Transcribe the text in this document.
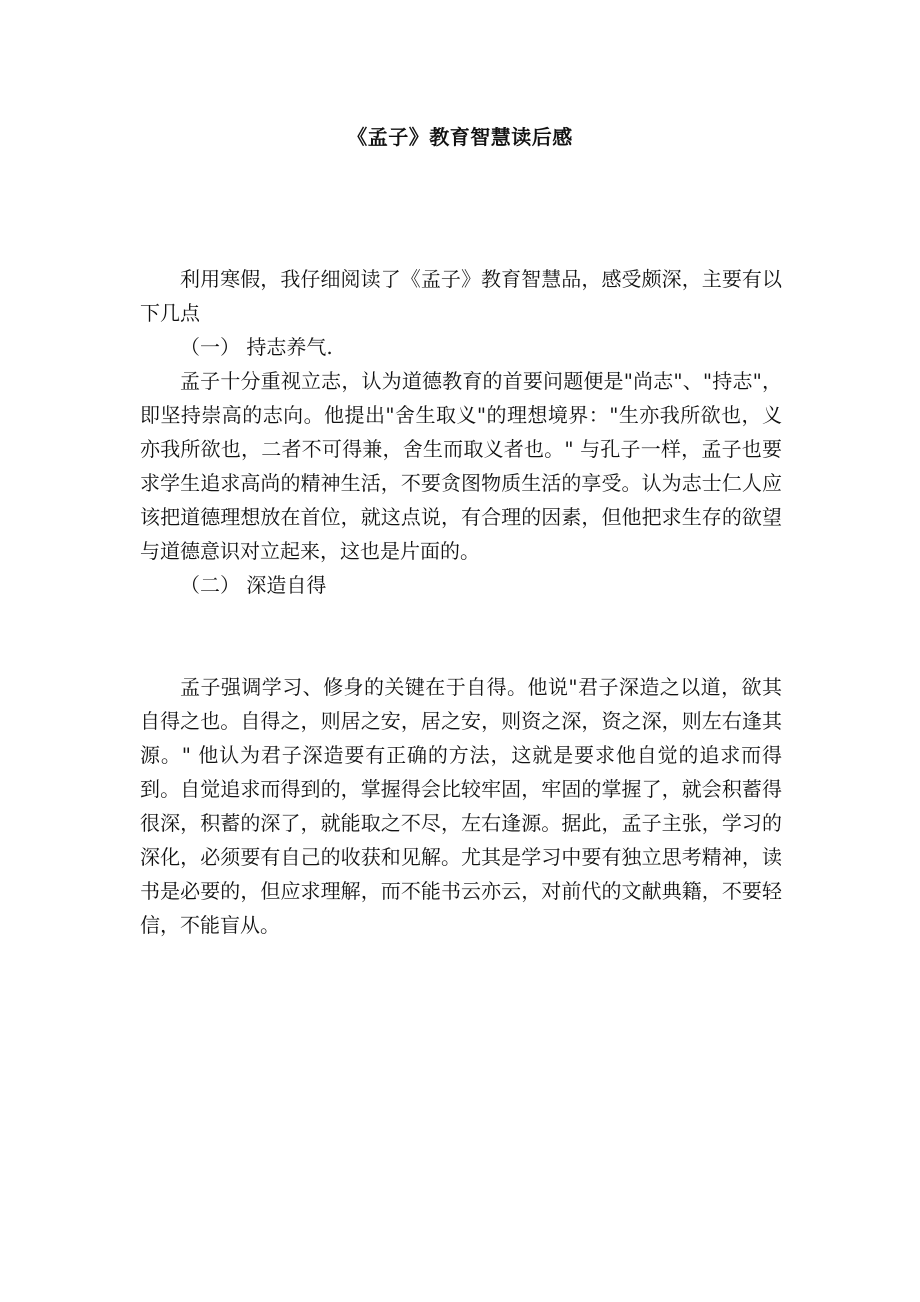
《孟子》教育智慧读后感

利用寒假，我仔细阅读了《孟子》教育智慧品，感受颇深，主要有以下几点

（一） 持志养气.

孟子十分重视立志，认为道德教育的首要问题便是"尚志"、"持志"，即坚持崇高的志向。他提出"舍生取义"的理想境界："生亦我所欲也，义亦我所欲也，二者不可得兼，舍生而取义者也。" 与孔子一样，孟子也要求学生追求高尚的精神生活，不要贪图物质生活的享受。认为志士仁人应该把道德理想放在首位，就这点说，有合理的因素，但他把求生存的欲望与道德意识对立起来，这也是片面的。

（二） 深造自得

孟子强调学习、修身的关键在于自得。他说"君子深造之以道，欲其自得之也。自得之，则居之安，居之安，则资之深，资之深，则左右逢其源。" 他认为君子深造要有正确的方法，这就是要求他自觉的追求而得到。自觉追求而得到的，掌握得会比较牢固，牢固的掌握了，就会积蓄得很深，积蓄的深了，就能取之不尽，左右逢源。据此，孟子主张，学习的深化，必须要有自己的收获和见解。尤其是学习中要有独立思考精神，读书是必要的，但应求理解，而不能书云亦云，对前代的文献典籍，不要轻信，不能盲从。
